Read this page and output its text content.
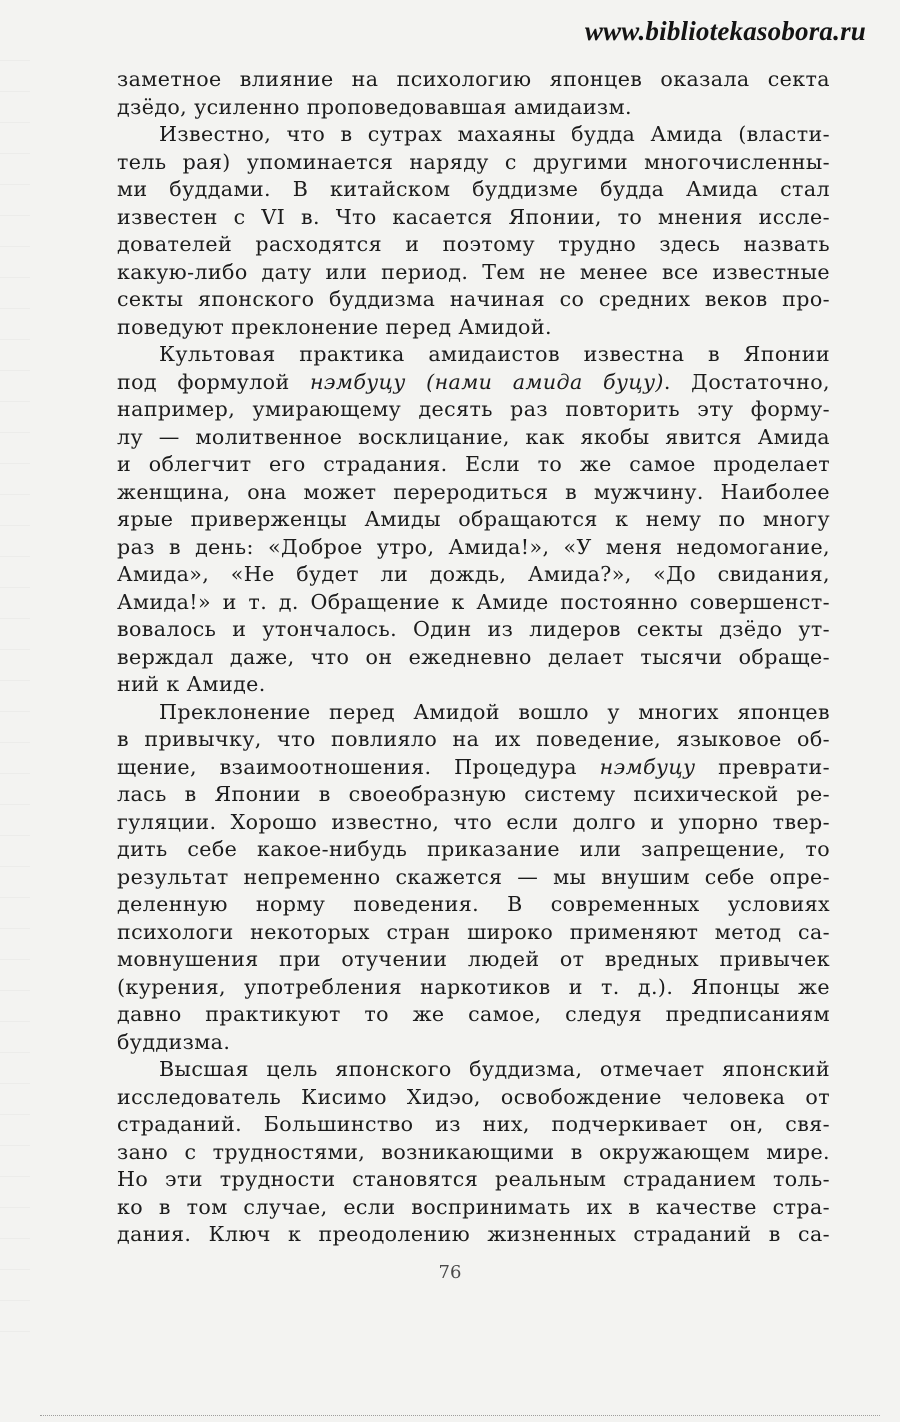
www.bibliotekasobora.ru
заметное влияние на психологию японцев оказала секта
дзёдо, усиленно проповедовавшая амидаизм.
Известно, что в сутрах махаяны будда Амида (власти-
тель рая) упоминается наряду с другими многочисленны-
ми буддами. В китайском буддизме будда Амида стал
известен с VI в. Что касается Японии, то мнения иссле-
дователей расходятся и поэтому трудно здесь назвать
какую-либо дату или период. Тем не менее все известные
секты японского буддизма начиная со средних веков про-
поведуют преклонение перед Амидой.
Культовая практика амидаистов известна в Японии
под формулой нэмбуцу (нами амида буцу). Достаточно,
например, умирающему десять раз повторить эту форму-
лу — молитвенное восклицание, как якобы явится Амида
и облегчит его страдания. Если то же самое проделает
женщина, она может переродиться в мужчину. Наиболее
ярые приверженцы Амиды обращаются к нему по многу
раз в день: «Доброе утро, Амида!», «У меня недомогание,
Амида», «Не будет ли дождь, Амида?», «До свидания,
Амида!» и т. д. Обращение к Амиде постоянно совершенст-
вовалось и утончалось. Один из лидеров секты дзёдо ут-
верждал даже, что он ежедневно делает тысячи обраще-
ний к Амиде.
Преклонение перед Амидой вошло у многих японцев
в привычку, что повлияло на их поведение, языковое об-
щение, взаимоотношения. Процедура нэмбуцу преврати-
лась в Японии в своеобразную систему психической ре-
гуляции. Хорошо известно, что если долго и упорно твер-
дить себе какое-нибудь приказание или запрещение, то
результат непременно скажется — мы внушим себе опре-
деленную норму поведения. В современных условиях
психологи некоторых стран широко применяют метод са-
мовнушения при отучении людей от вредных привычек
(курения, употребления наркотиков и т. д.). Японцы же
давно практикуют то же самое, следуя предписаниям
буддизма.
Высшая цель японского буддизма, отмечает японский
исследователь Кисимо Хидэо, освобождение человека от
страданий. Большинство из них, подчеркивает он, свя-
зано с трудностями, возникающими в окружающем мире.
Но эти трудности становятся реальным страданием толь-
ко в том случае, если воспринимать их в качестве стра-
дания. Ключ к преодолению жизненных страданий в са-
76
